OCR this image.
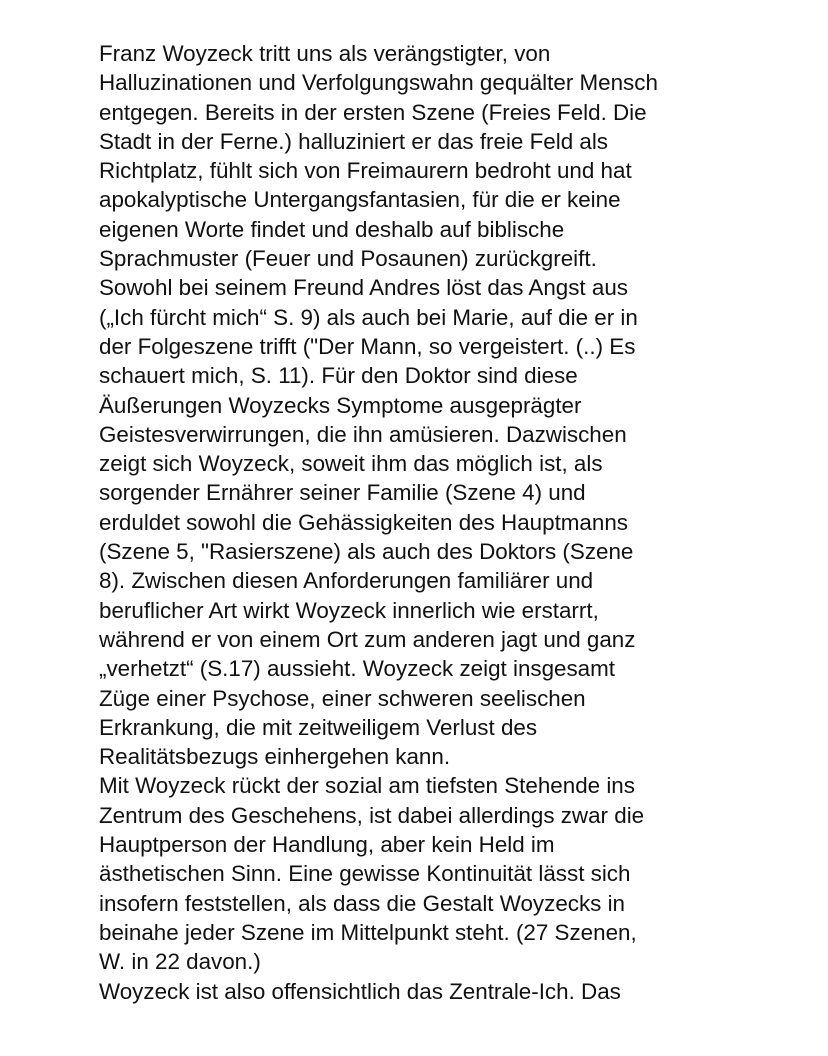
Franz Woyzeck tritt uns als verängstigter, von
Halluzinationen und Verfolgungswahn gequälter Mensch
entgegen. Bereits in der ersten Szene (Freies Feld. Die
Stadt in der Ferne.) halluziniert er das freie Feld als
Richtplatz, fühlt sich von Freimaurern bedroht und hat
apokalyptische Untergangsfantasien, für die er keine
eigenen Worte findet und deshalb auf biblische
Sprachmuster (Feuer und Posaunen) zurückgreift.
Sowohl bei seinem Freund Andres löst das Angst aus
(„Ich fürcht mich“ S. 9) als auch bei Marie, auf die er in
der Folgeszene trifft ("Der Mann, so vergeistert. (..) Es
schauert mich, S. 11). Für den Doktor sind diese
Äußerungen Woyzecks Symptome ausgeprägter
Geistesverwirrungen, die ihn amüsieren. Dazwischen
zeigt sich Woyzeck, soweit ihm das möglich ist, als
sorgender Ernährer seiner Familie (Szene 4) und
erduldet sowohl die Gehässigkeiten des Hauptmanns
(Szene 5, "Rasierszene) als auch des Doktors (Szene
8). Zwischen diesen Anforderungen familiärer und
beruflicher Art wirkt Woyzeck innerlich wie erstarrt,
während er von einem Ort zum anderen jagt und ganz
„verhetzt“ (S.17) aussieht. Woyzeck zeigt insgesamt
Züge einer Psychose, einer schweren seelischen
Erkrankung, die mit zeitweiligem Verlust des
Realitätsbezugs einhergehen kann.
Mit Woyzeck rückt der sozial am tiefsten Stehende ins
Zentrum des Geschehens, ist dabei allerdings zwar die
Hauptperson der Handlung, aber kein Held im
ästhetischen Sinn. Eine gewisse Kontinuität lässt sich
insofern feststellen, als dass die Gestalt Woyzecks in
beinahe jeder Szene im Mittelpunkt steht. (27 Szenen,
W. in 22 davon.)
Woyzeck ist also offensichtlich das Zentrale-Ich. Das
